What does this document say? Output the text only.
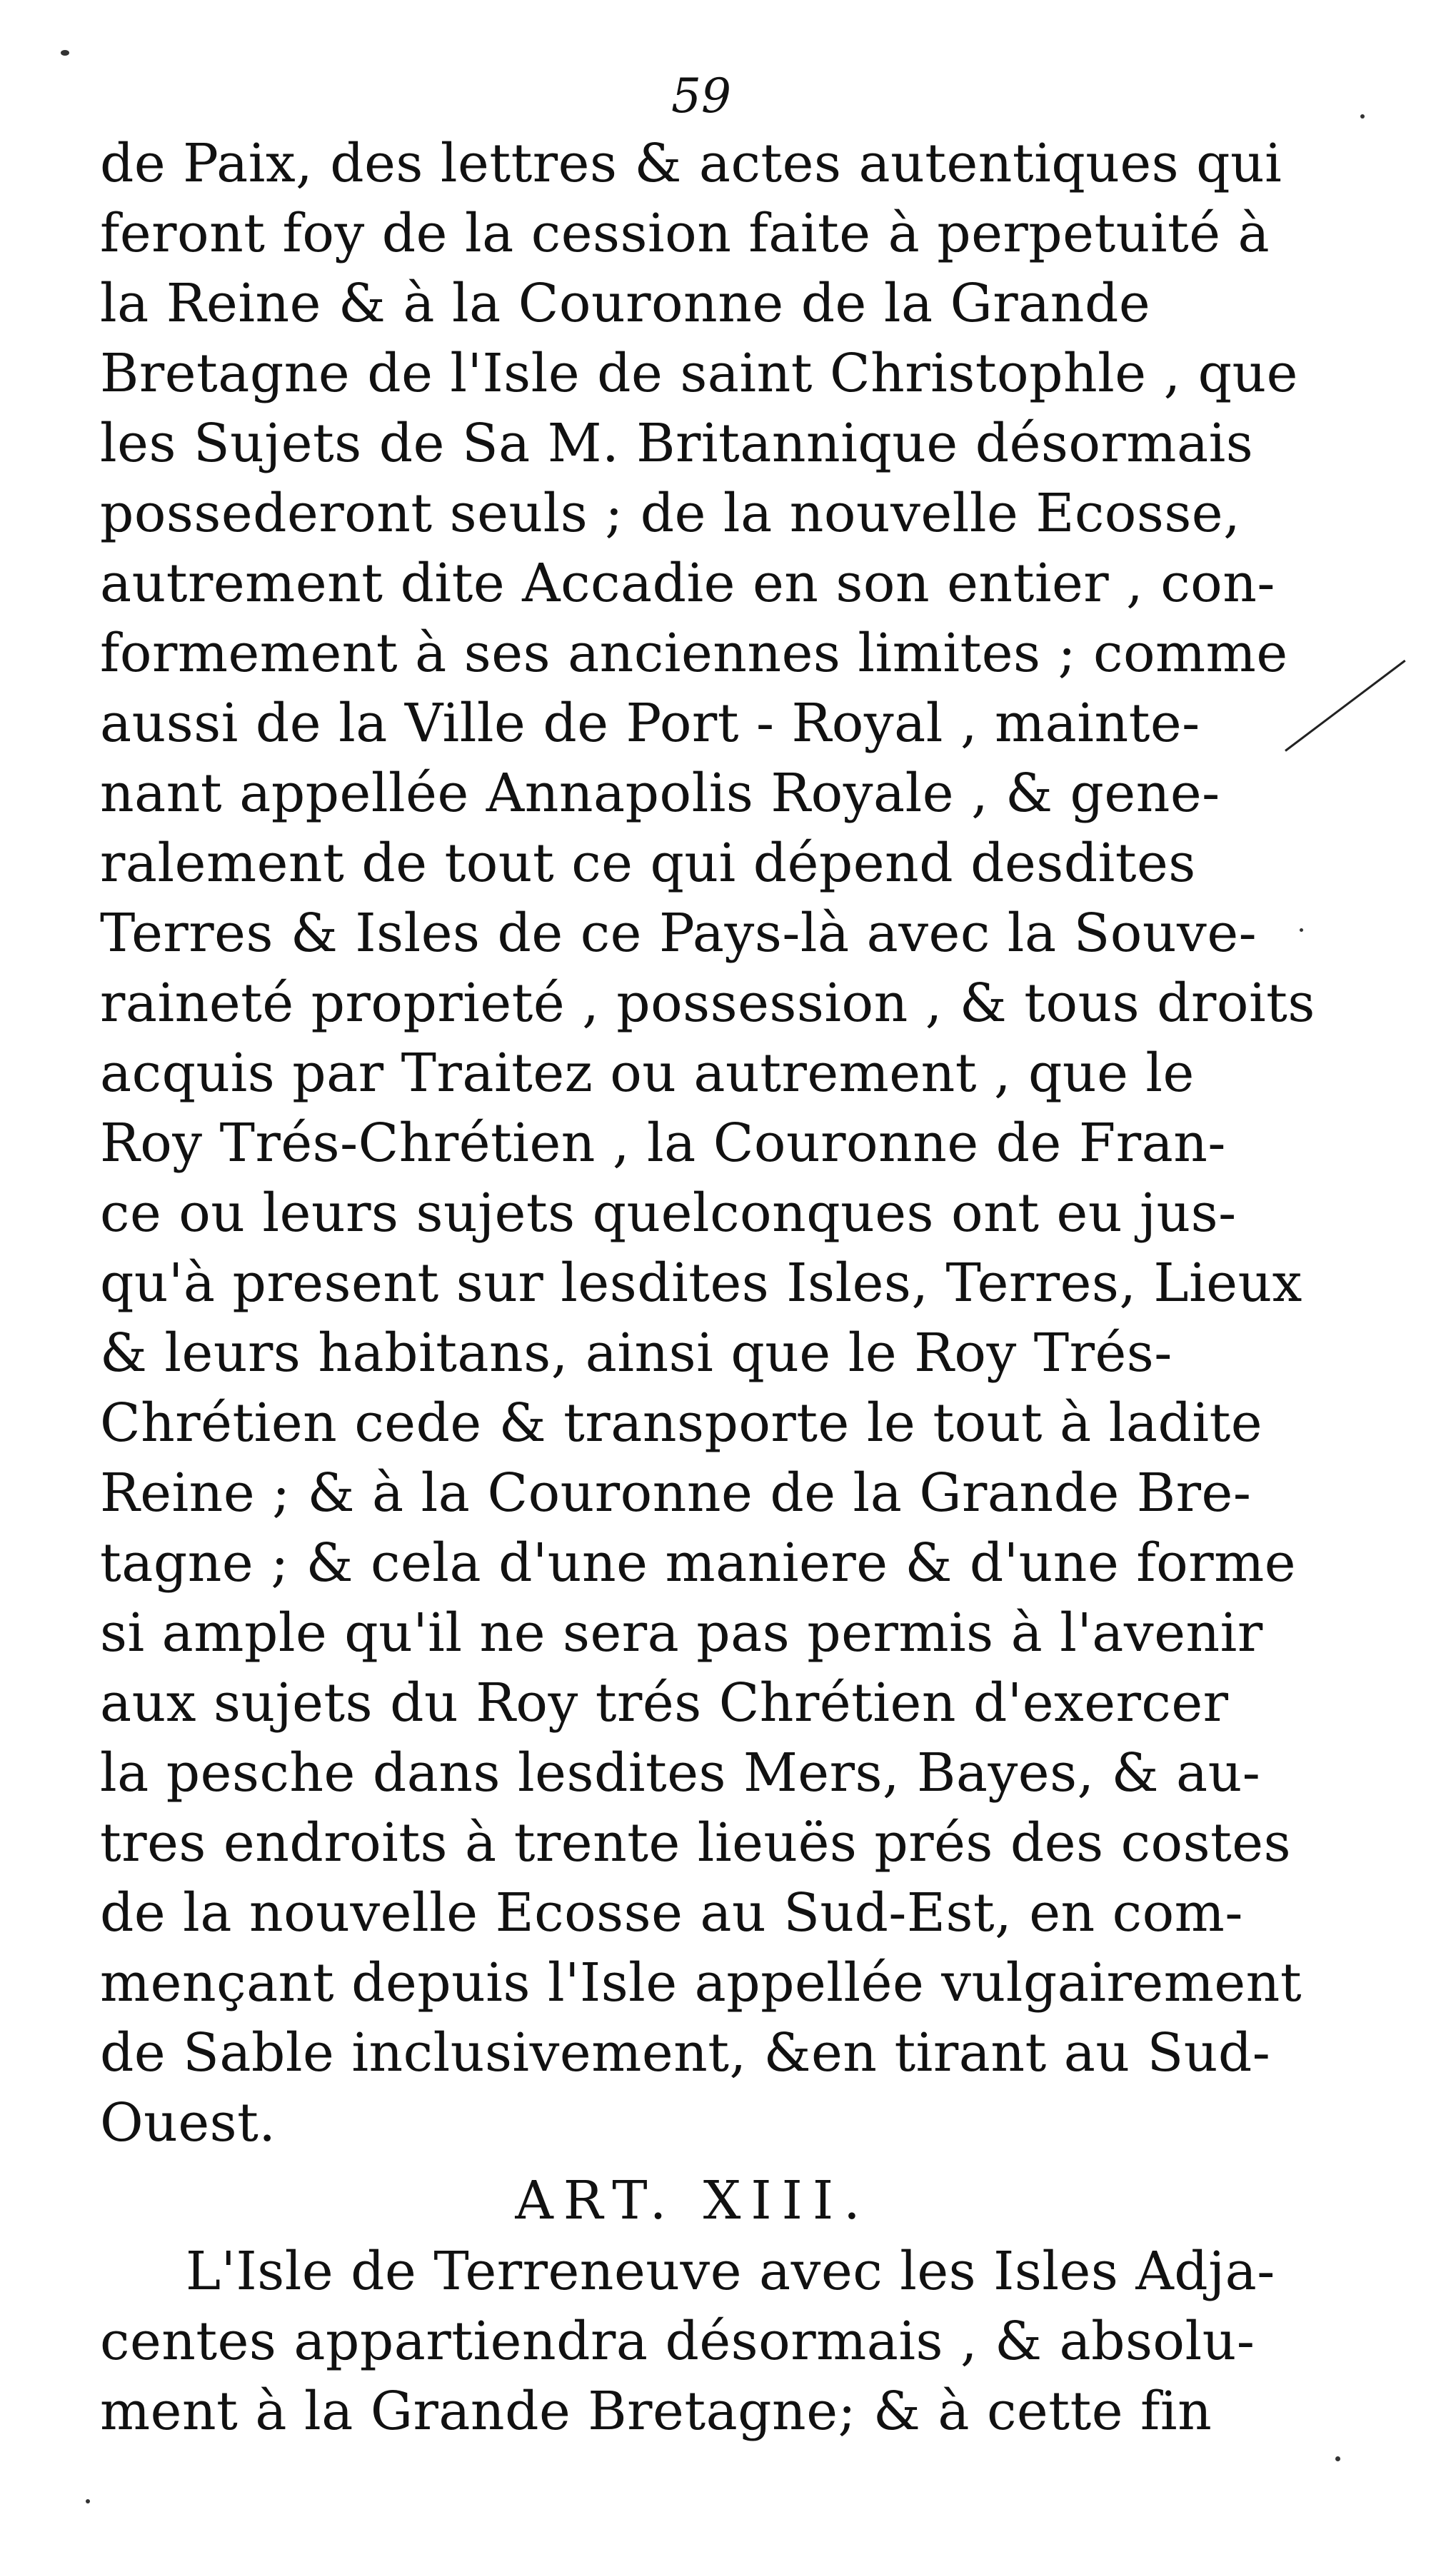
59
de Paix, des lettres & actes autentiques qui
feront foy de la cession faite à perpetuité à
la Reine & à la Couronne de la Grande
Bretagne de l'Isle de saint Christophle , que
les Sujets de Sa M. Britannique désormais
possederont seuls ; de la nouvelle Ecosse,
autrement dite Accadie en son entier , con-
formement à ses anciennes limites ; comme
aussi de la Ville de Port - Royal , mainte-
nant appellée Annapolis Royale , & gene-
ralement de tout ce qui dépend desdites
Terres & Isles de ce Pays-là avec la Souve-
raineté proprieté , possession , & tous droits
acquis par Traitez ou autrement , que le
Roy Trés-Chrétien , la Couronne de Fran-
ce ou leurs sujets quelconques ont eu jus-
qu'à present sur lesdites Isles, Terres, Lieux
& leurs habitans, ainsi que le Roy Trés-
Chrétien cede & transporte le tout à ladite
Reine ; & à la Couronne de la Grande Bre-
tagne ; & cela d'une maniere & d'une forme
si ample qu'il ne sera pas permis à l'avenir
aux sujets du Roy trés Chrétien d'exercer
la pesche dans lesdites Mers, Bayes, & au-
tres endroits à trente lieuës prés des costes
de la nouvelle Ecosse au Sud-Est, en com-
mençant depuis l'Isle appellée vulgairement
de Sable inclusivement, &en tirant au Sud-
Ouest.
ART. XIII.
L'Isle de Terreneuve avec les Isles Adja-
centes appartiendra désormais , & absolu-
ment à la Grande Bretagne; & à cette fin
